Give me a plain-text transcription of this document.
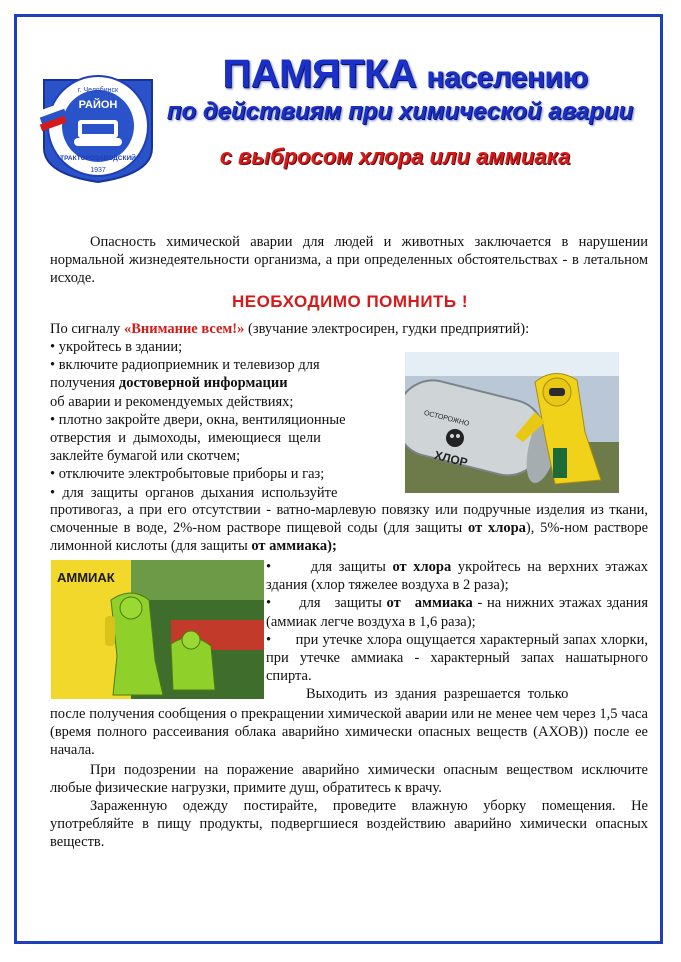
г. Челябинск
РАЙОН
ТРАКТОРОЗАВОДСКИЙ
1937
ПАМЯТКА населению
по действиям при химической аварии
с выбросом хлора или аммиака
Опасность химической аварии для людей и животных заключается в нарушении нормальной жизнедеятельности организма, а при определенных обстоятельствах - в летальном исходе.
НЕОБХОДИМО ПОМНИТЬ !
По сигналу «Внимание всем!» (звучание электросирен, гудки предприятий):
• укройтесь в здании;
• включите радиоприемник и телевизор для
получения достоверной информации
об аварии и рекомендуемых действиях;
• плотно закройте двери, окна, вентиляционные
отверстия  и  дымоходы,  имеющиеся  щели
заклейте бумагой или скотчем;
• отключите электробытовые приборы и газ;
•  для  защиты  органов  дыхания  используйте
ОСТОРОЖНО
ХЛОР
противогаз, а при его отсутствии - ватно-марлевую повязку или подручные изделия из ткани, смоченные в воде, 2%-ном растворе пищевой соды (для защиты от хлора), 5%-ном растворе лимонной кислоты (для защиты от аммиака);
АММИАК
•      для защиты от хлора укройтесь на верхних этажах здания (хлор тяжелее воздуха в 2 раза);
•      для   защиты от   аммиака - на нижних этажах здания (аммиак легче воздуха в 1,6 раза);
•      при утечке хлора ощущается характерный запах хлорки, при утечке аммиака - характерный запах нашатырного спирта.
Выходить  из  здания  разрешается  только
после получения сообщения о прекращении химической аварии или не менее чем через 1,5 часа (время полного рассеивания облака аварийно химически опасных веществ (АХОВ)) после ее начала.
При подозрении на поражение аварийно химически опасным веществом исключите любые физические нагрузки, примите душ, обратитесь к врачу.
Зараженную одежду постирайте, проведите влажную уборку помещения. Не употребляйте в пищу продукты, подвергшиеся воздействию аварийно химически опасных веществ.
